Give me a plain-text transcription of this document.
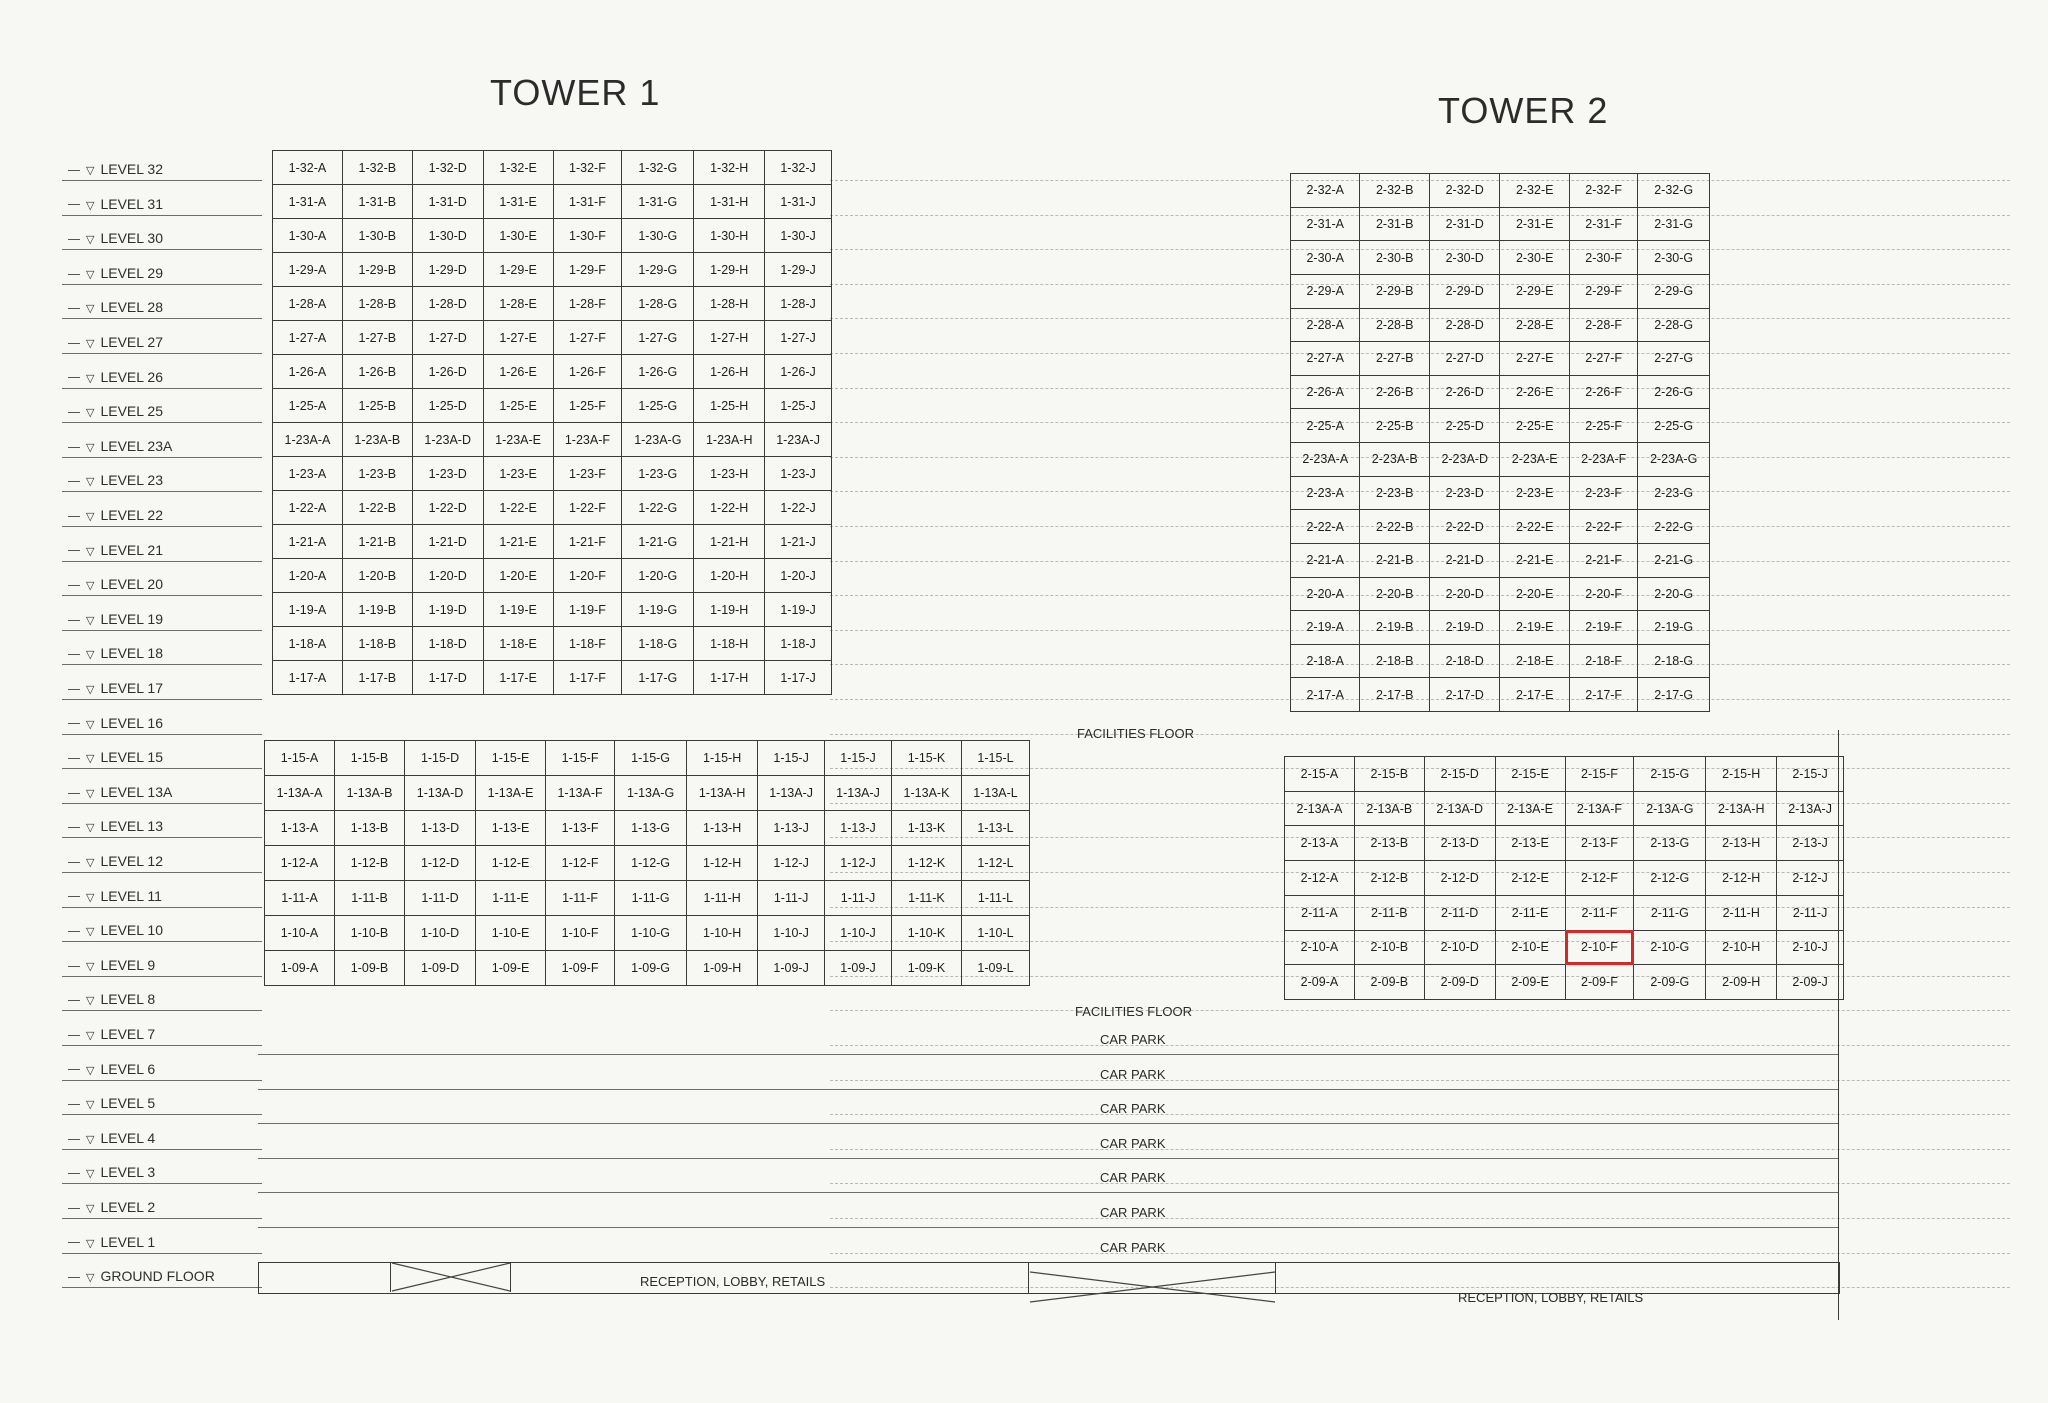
TOWER 1	TOWER 2
▽ LEVEL 32
▽ LEVEL 31
▽ LEVEL 30
▽ LEVEL 29
▽ LEVEL 28
▽ LEVEL 27
▽ LEVEL 26
▽ LEVEL 25
▽ LEVEL 23A
▽ LEVEL 23
▽ LEVEL 22
▽ LEVEL 21
▽ LEVEL 20
▽ LEVEL 19
▽ LEVEL 18
▽ LEVEL 17
▽ LEVEL 16
▽ LEVEL 15
▽ LEVEL 13A
▽ LEVEL 13
▽ LEVEL 12
▽ LEVEL 11
▽ LEVEL 10
▽ LEVEL 9
▽ LEVEL 8
▽ LEVEL 7
▽ LEVEL 6
▽ LEVEL 5
▽ LEVEL 4
▽ LEVEL 3
▽ LEVEL 2
▽ LEVEL 1
▽ GROUND FLOOR
1-32-A	1-32-B	1-32-D	1-32-E	1-32-F	1-32-G	1-32-H	1-32-J
1-31-A	1-31-B	1-31-D	1-31-E	1-31-F	1-31-G	1-31-H	1-31-J
1-30-A	1-30-B	1-30-D	1-30-E	1-30-F	1-30-G	1-30-H	1-30-J
1-29-A	1-29-B	1-29-D	1-29-E	1-29-F	1-29-G	1-29-H	1-29-J
1-28-A	1-28-B	1-28-D	1-28-E	1-28-F	1-28-G	1-28-H	1-28-J
1-27-A	1-27-B	1-27-D	1-27-E	1-27-F	1-27-G	1-27-H	1-27-J
1-26-A	1-26-B	1-26-D	1-26-E	1-26-F	1-26-G	1-26-H	1-26-J
1-25-A	1-25-B	1-25-D	1-25-E	1-25-F	1-25-G	1-25-H	1-25-J
1-23A-A	1-23A-B	1-23A-D	1-23A-E	1-23A-F	1-23A-G	1-23A-H	1-23A-J
1-23-A	1-23-B	1-23-D	1-23-E	1-23-F	1-23-G	1-23-H	1-23-J
1-22-A	1-22-B	1-22-D	1-22-E	1-22-F	1-22-G	1-22-H	1-22-J
1-21-A	1-21-B	1-21-D	1-21-E	1-21-F	1-21-G	1-21-H	1-21-J
1-20-A	1-20-B	1-20-D	1-20-E	1-20-F	1-20-G	1-20-H	1-20-J
1-19-A	1-19-B	1-19-D	1-19-E	1-19-F	1-19-G	1-19-H	1-19-J
1-18-A	1-18-B	1-18-D	1-18-E	1-18-F	1-18-G	1-18-H	1-18-J
1-17-A	1-17-B	1-17-D	1-17-E	1-17-F	1-17-G	1-17-H	1-17-J
1-15-A	1-15-B	1-15-D	1-15-E	1-15-F	1-15-G	1-15-H	1-15-J	1-15-J	1-15-K	1-15-L
1-13A-A	1-13A-B	1-13A-D	1-13A-E	1-13A-F	1-13A-G	1-13A-H	1-13A-J	1-13A-J	1-13A-K	1-13A-L
1-13-A	1-13-B	1-13-D	1-13-E	1-13-F	1-13-G	1-13-H	1-13-J	1-13-J	1-13-K	1-13-L
1-12-A	1-12-B	1-12-D	1-12-E	1-12-F	1-12-G	1-12-H	1-12-J	1-12-J	1-12-K	1-12-L
1-11-A	1-11-B	1-11-D	1-11-E	1-11-F	1-11-G	1-11-H	1-11-J	1-11-J	1-11-K	1-11-L
1-10-A	1-10-B	1-10-D	1-10-E	1-10-F	1-10-G	1-10-H	1-10-J	1-10-J	1-10-K	1-10-L
1-09-A	1-09-B	1-09-D	1-09-E	1-09-F	1-09-G	1-09-H	1-09-J	1-09-J	1-09-K	1-09-L
2-32-A	2-32-B	2-32-D	2-32-E	2-32-F	2-32-G
2-31-A	2-31-B	2-31-D	2-31-E	2-31-F	2-31-G
2-30-A	2-30-B	2-30-D	2-30-E	2-30-F	2-30-G
2-29-A	2-29-B	2-29-D	2-29-E	2-29-F	2-29-G
2-28-A	2-28-B	2-28-D	2-28-E	2-28-F	2-28-G
2-27-A	2-27-B	2-27-D	2-27-E	2-27-F	2-27-G
2-26-A	2-26-B	2-26-D	2-26-E	2-26-F	2-26-G
2-25-A	2-25-B	2-25-D	2-25-E	2-25-F	2-25-G
2-23A-A	2-23A-B	2-23A-D	2-23A-E	2-23A-F	2-23A-G
2-23-A	2-23-B	2-23-D	2-23-E	2-23-F	2-23-G
2-22-A	2-22-B	2-22-D	2-22-E	2-22-F	2-22-G
2-21-A	2-21-B	2-21-D	2-21-E	2-21-F	2-21-G
2-20-A	2-20-B	2-20-D	2-20-E	2-20-F	2-20-G
2-19-A	2-19-B	2-19-D	2-19-E	2-19-F	2-19-G
2-18-A	2-18-B	2-18-D	2-18-E	2-18-F	2-18-G
2-17-A	2-17-B	2-17-D	2-17-E	2-17-F	2-17-G
2-15-A	2-15-B	2-15-D	2-15-E	2-15-F	2-15-G	2-15-H	2-15-J
2-13A-A	2-13A-B	2-13A-D	2-13A-E	2-13A-F	2-13A-G	2-13A-H	2-13A-J
2-13-A	2-13-B	2-13-D	2-13-E	2-13-F	2-13-G	2-13-H	2-13-J
2-12-A	2-12-B	2-12-D	2-12-E	2-12-F	2-12-G	2-12-H	2-12-J
2-11-A	2-11-B	2-11-D	2-11-E	2-11-F	2-11-G	2-11-H	2-11-J
2-10-A	2-10-B	2-10-D	2-10-E	2-10-F	2-10-G	2-10-H	2-10-J
2-09-A	2-09-B	2-09-D	2-09-E	2-09-F	2-09-G	2-09-H	2-09-J
FACILITIES FLOOR
FACILITIES FLOOR
CAR PARK
CAR PARK
CAR PARK
CAR PARK
CAR PARK
CAR PARK
CAR PARK
RECEPTION, LOBBY, RETAILS
RECEPTION, LOBBY, RETAILS
